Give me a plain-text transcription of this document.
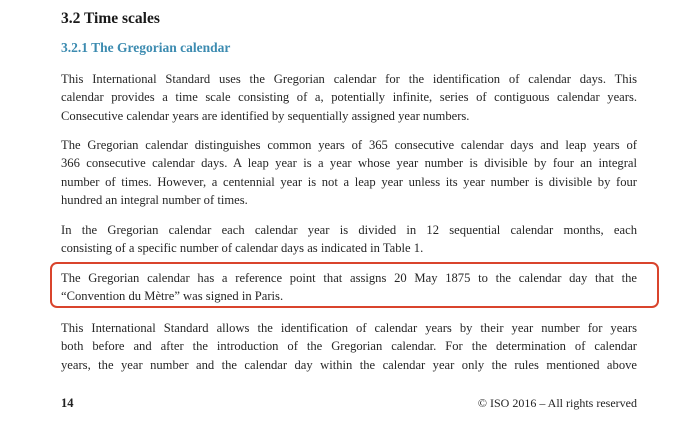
3.2 Time scales
3.2.1 The Gregorian calendar

This International Standard uses the Gregorian calendar for the identification of calendar days. This
calendar provides a time scale consisting of a, potentially infinite, series of contiguous calendar years.
Consecutive calendar years are identified by sequentially assigned year numbers.

The Gregorian calendar distinguishes common years of 365 consecutive calendar days and leap years of
366 consecutive calendar days. A leap year is a year whose year number is divisible by four an integral
number of times. However, a centennial year is not a leap year unless its year number is divisible by four
hundred an integral number of times.

In the Gregorian calendar each calendar year is divided in 12 sequential calendar months, each
consisting of a specific number of calendar days as indicated in Table 1.

The Gregorian calendar has a reference point that assigns 20 May 1875 to the calendar day that the
“Convention du Mètre” was signed in Paris.

This International Standard allows the identification of calendar years by their year number for years
both before and after the introduction of the Gregorian calendar. For the determination of calendar
years, the year number and the calendar day within the calendar year only the rules mentioned above

14	© ISO 2016 – All rights reserved
